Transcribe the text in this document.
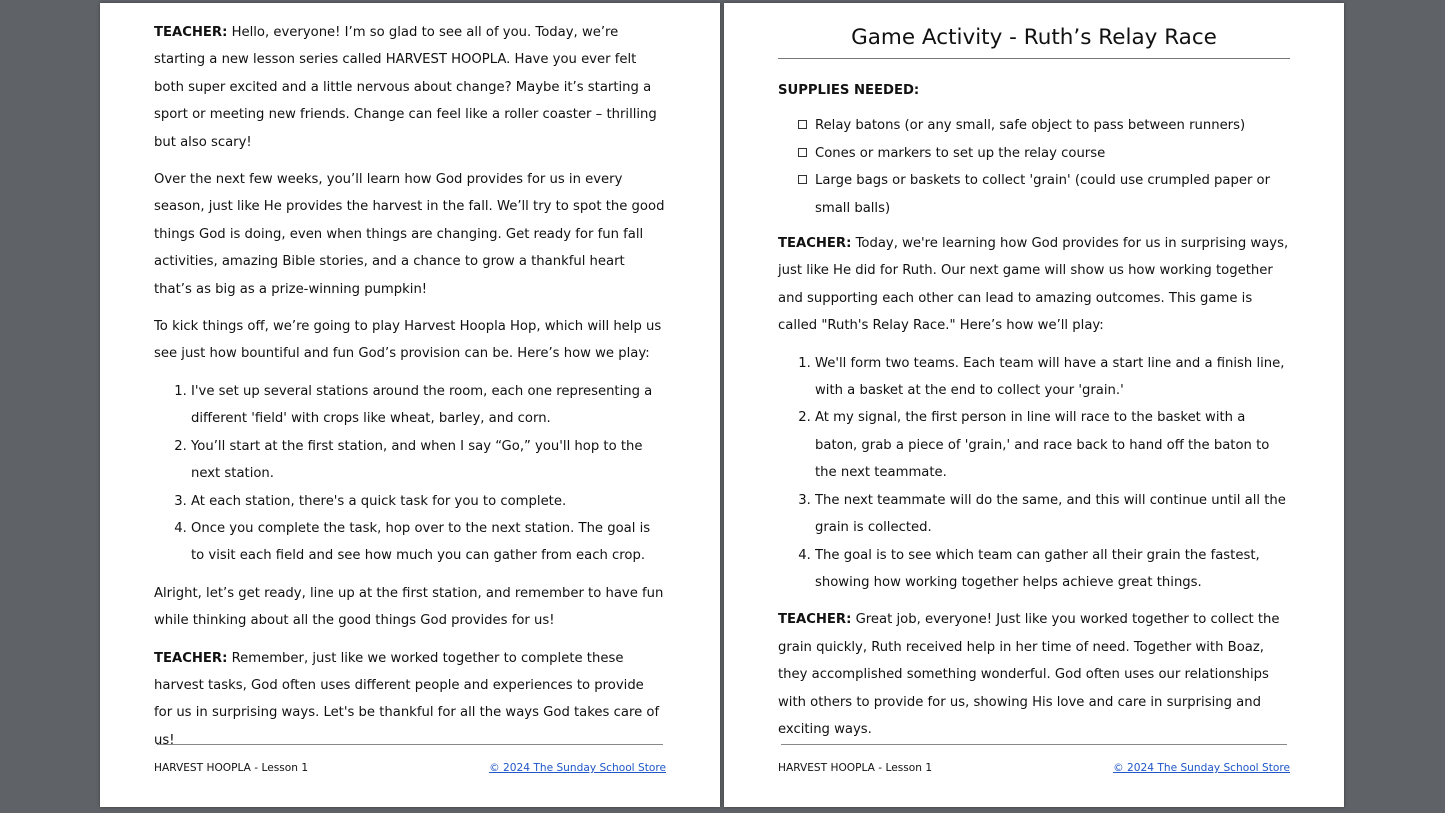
TEACHER: Hello, everyone! I’m so glad to see all of you. Today, we’re starting a new lesson series called HARVEST HOOPLA. Have you ever felt both super excited and a little nervous about change? Maybe it’s starting a sport or meeting new friends. Change can feel like a roller coaster – thrilling but also scary!

Over the next few weeks, you’ll learn how God provides for us in every season, just like He provides the harvest in the fall. We’ll try to spot the good things God is doing, even when things are changing. Get ready for fun fall activities, amazing Bible stories, and a chance to grow a thankful heart that’s as big as a prize-winning pumpkin!

To kick things off, we’re going to play Harvest Hoopla Hop, which will help us see just how bountiful and fun God’s provision can be. Here’s how we play:

1. I've set up several stations around the room, each one representing a different 'field' with crops like wheat, barley, and corn.
2. You’ll start at the first station, and when I say “Go,” you'll hop to the next station.
3. At each station, there's a quick task for you to complete.
4. Once you complete the task, hop over to the next station. The goal is to visit each field and see how much you can gather from each crop.

Alright, let’s get ready, line up at the first station, and remember to have fun while thinking about all the good things God provides for us!

TEACHER: Remember, just like we worked together to complete these harvest tasks, God often uses different people and experiences to provide for us in surprising ways. Let's be thankful for all the ways God takes care of us!

HARVEST HOOPLA - Lesson 1	© 2024 The Sunday School Store
Game Activity - Ruth’s Relay Race
SUPPLIES NEEDED:
Relay batons (or any small, safe object to pass between runners)
Cones or markers to set up the relay course
Large bags or baskets to collect 'grain' (could use crumpled paper or small balls)

TEACHER: Today, we're learning how God provides for us in surprising ways, just like He did for Ruth. Our next game will show us how working together and supporting each other can lead to amazing outcomes. This game is called "Ruth's Relay Race." Here’s how we’ll play:

1. We'll form two teams. Each team will have a start line and a finish line, with a basket at the end to collect your 'grain.'
2. At my signal, the first person in line will race to the basket with a baton, grab a piece of 'grain,' and race back to hand off the baton to the next teammate.
3. The next teammate will do the same, and this will continue until all the grain is collected.
4. The goal is to see which team can gather all their grain the fastest, showing how working together helps achieve great things.

TEACHER: Great job, everyone! Just like you worked together to collect the grain quickly, Ruth received help in her time of need. Together with Boaz, they accomplished something wonderful. God often uses our relationships with others to provide for us, showing His love and care in surprising and exciting ways.

HARVEST HOOPLA - Lesson 1	© 2024 The Sunday School Store
